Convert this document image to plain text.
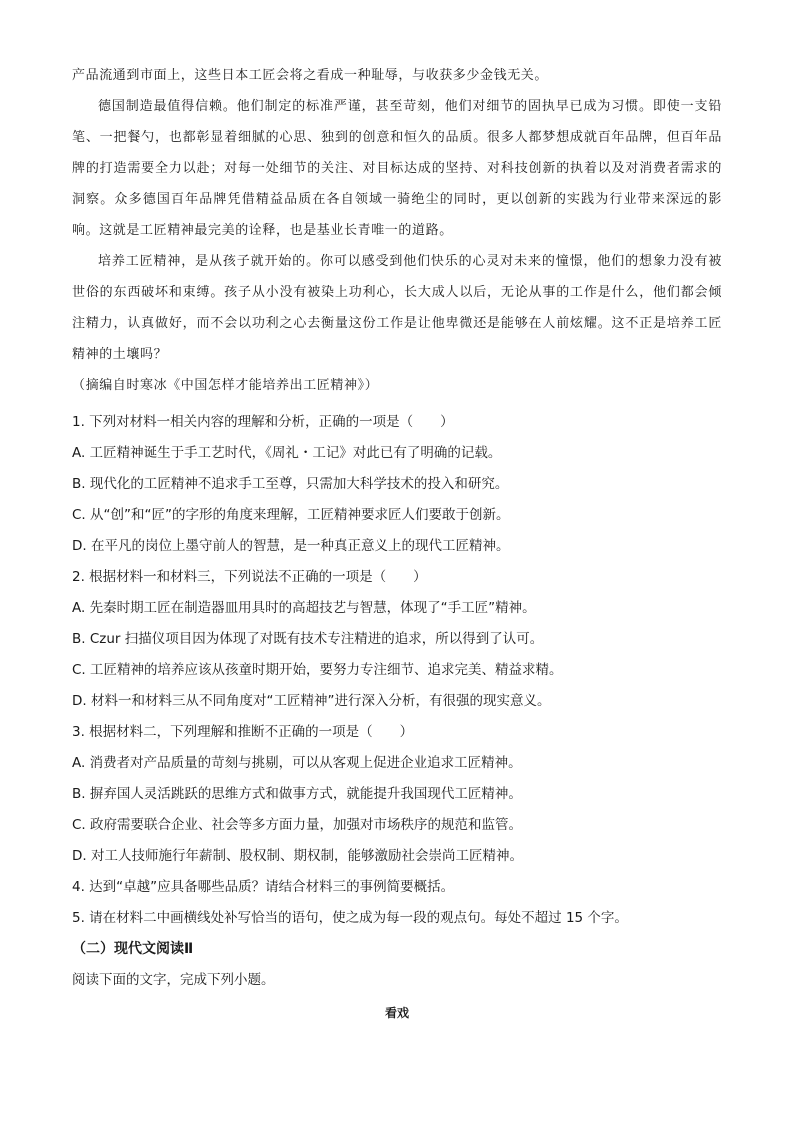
产品流通到市面上，这些日本工匠会将之看成一种耻辱，与收获多少金钱无关。

德国制造最值得信赖。他们制定的标准严谨，甚至苛刻，他们对细节的固执早已成为习惯。即使一支铅笔、一把餐勺，也都彰显着细腻的心思、独到的创意和恒久的品质。很多人都梦想成就百年品牌，但百年品牌的打造需要全力以赴；对每一处细节的关注、对目标达成的坚持、对科技创新的执着以及对消费者需求的洞察。众多德国百年品牌凭借精益品质在各自领域一骑绝尘的同时，更以创新的实践为行业带来深远的影响。这就是工匠精神最完美的诠释，也是基业长青唯一的道路。

培养工匠精神，是从孩子就开始的。你可以感受到他们快乐的心灵对未来的憧憬，他们的想象力没有被世俗的东西破坏和束缚。孩子从小没有被染上功利心，长大成人以后，无论从事的工作是什么，他们都会倾注精力，认真做好，而不会以功利之心去衡量这份工作是让他卑微还是能够在人前炫耀。这不正是培养工匠精神的土壤吗？

（摘编自时寒冰《中国怎样才能培养出工匠精神》）

1. 下列对材料一相关内容的理解和分析，正确的一项是（　　）
A. 工匠精神诞生于手工艺时代，《周礼・工记》对此已有了明确的记载。
B. 现代化的工匠精神不追求手工至尊，只需加大科学技术的投入和研究。
C. 从“创”和“匠”的字形的角度来理解，工匠精神要求匠人们要敢于创新。
D. 在平凡的岗位上墨守前人的智慧，是一种真正意义上的现代工匠精神。
2. 根据材料一和材料三，下列说法不正确的一项是（　　）
A. 先秦时期工匠在制造器皿用具时的高超技艺与智慧，体现了“手工匠”精神。
B. Czur 扫描仪项目因为体现了对既有技术专注精进的追求，所以得到了认可。
C. 工匠精神的培养应该从孩童时期开始，要努力专注细节、追求完美、精益求精。
D. 材料一和材料三从不同角度对“工匠精神”进行深入分析，有很强的现实意义。
3. 根据材料二，下列理解和推断不正确的一项是（　　）
A. 消费者对产品质量的苛刻与挑剔，可以从客观上促进企业追求工匠精神。
B. 摒弃国人灵活跳跃的思维方式和做事方式，就能提升我国现代工匠精神。
C. 政府需要联合企业、社会等多方面力量，加强对市场秩序的规范和监管。
D. 对工人技师施行年薪制、股权制、期权制，能够激励社会崇尚工匠精神。
4. 达到“卓越”应具备哪些品质？请结合材料三的事例简要概括。
5. 请在材料二中画横线处补写恰当的语句，使之成为每一段的观点句。每处不超过 15 个字。
（二）现代文阅读Ⅱ
阅读下面的文字，完成下列小题。
看戏
